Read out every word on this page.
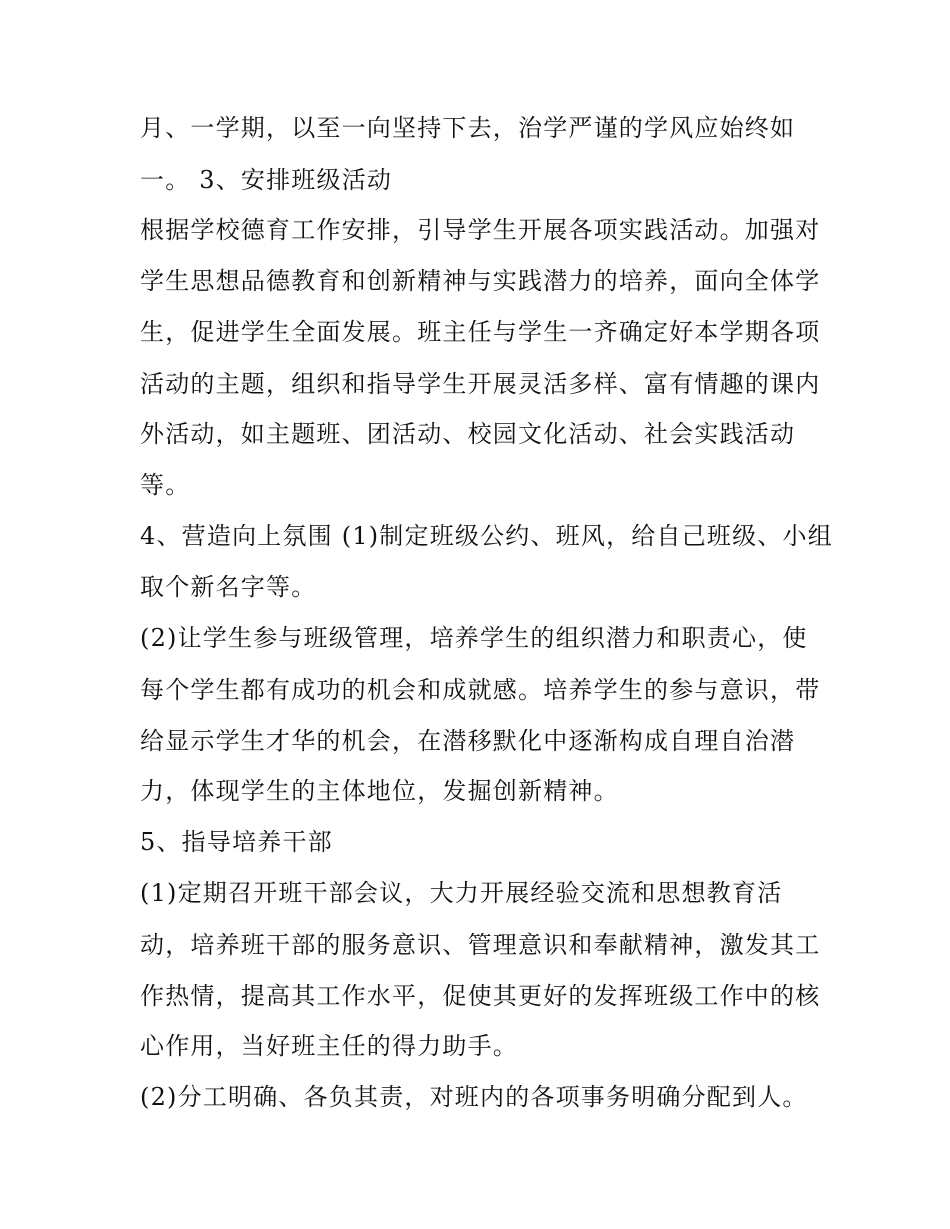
月、一学期，以至一向坚持下去，治学严谨的学风应始终如
一。 3、安排班级活动
根据学校德育工作安排，引导学生开展各项实践活动。加强对
学生思想品德教育和创新精神与实践潜力的培养，面向全体学
生，促进学生全面发展。班主任与学生一齐确定好本学期各项
活动的主题，组织和指导学生开展灵活多样、富有情趣的课内
外活动，如主题班、团活动、校园文化活动、社会实践活动
等。
4、营造向上氛围 (1)制定班级公约、班风，给自己班级、小组
取个新名字等。
(2)让学生参与班级管理，培养学生的组织潜力和职责心，使
每个学生都有成功的机会和成就感。培养学生的参与意识，带
给显示学生才华的机会，在潜移默化中逐渐构成自理自治潜
力，体现学生的主体地位，发掘创新精神。
5、指导培养干部
(1)定期召开班干部会议，大力开展经验交流和思想教育活
动，培养班干部的服务意识、管理意识和奉献精神，激发其工
作热情，提高其工作水平，促使其更好的发挥班级工作中的核
心作用，当好班主任的得力助手。
(2)分工明确、各负其责，对班内的各项事务明确分配到人。
